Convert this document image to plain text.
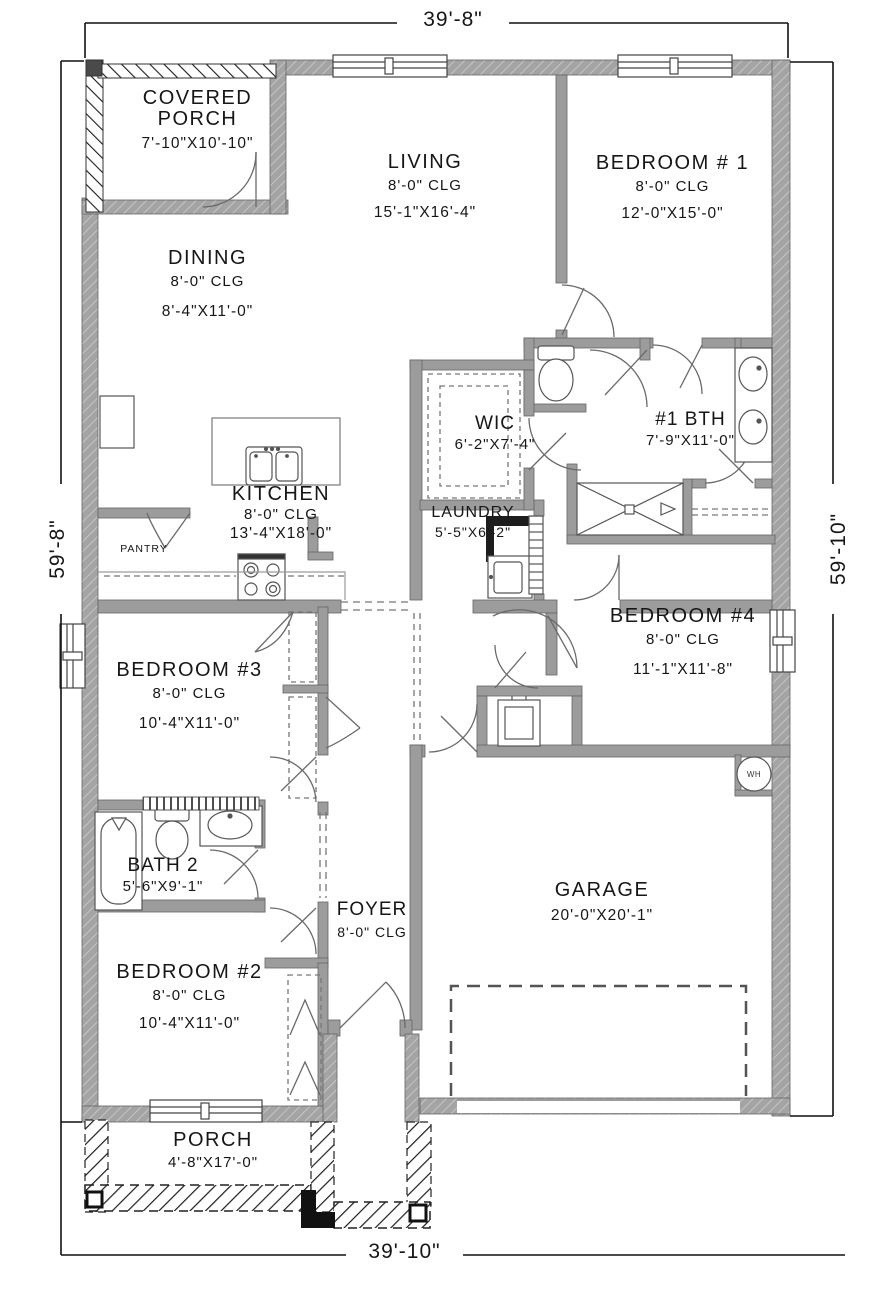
COVERED PORCH
7'-10"X10'-10"
LIVING
8'-0" CLG
15'-1"X16'-4"
BEDROOM # 1
8'-0" CLG
12'-0"X15'-0"
DINING
8'-0" CLG
8'-4"X11'-0"
WIC
6'-2"X7'-4"
#1 BTH
7'-9"X11'-0"
KITCHEN
8'-0" CLG
13'-4"X18'-0"
PANTRY
LAUNDRY
5'-5"X6'-2"
BEDROOM #4
8'-0" CLG
11'-1"X11'-8"
BEDROOM #3
8'-0" CLG
10'-4"X11'-0"
BATH 2
5'-6"X9'-1"
FOYER
8'-0" CLG
GARAGE
20'-0"X20'-1"
BEDROOM #2
8'-0" CLG
10'-4"X11'-0"
PORCH
4'-8"X17'-0"
WH
39'-8"
39'-10"
59'-8"	59'-10"
